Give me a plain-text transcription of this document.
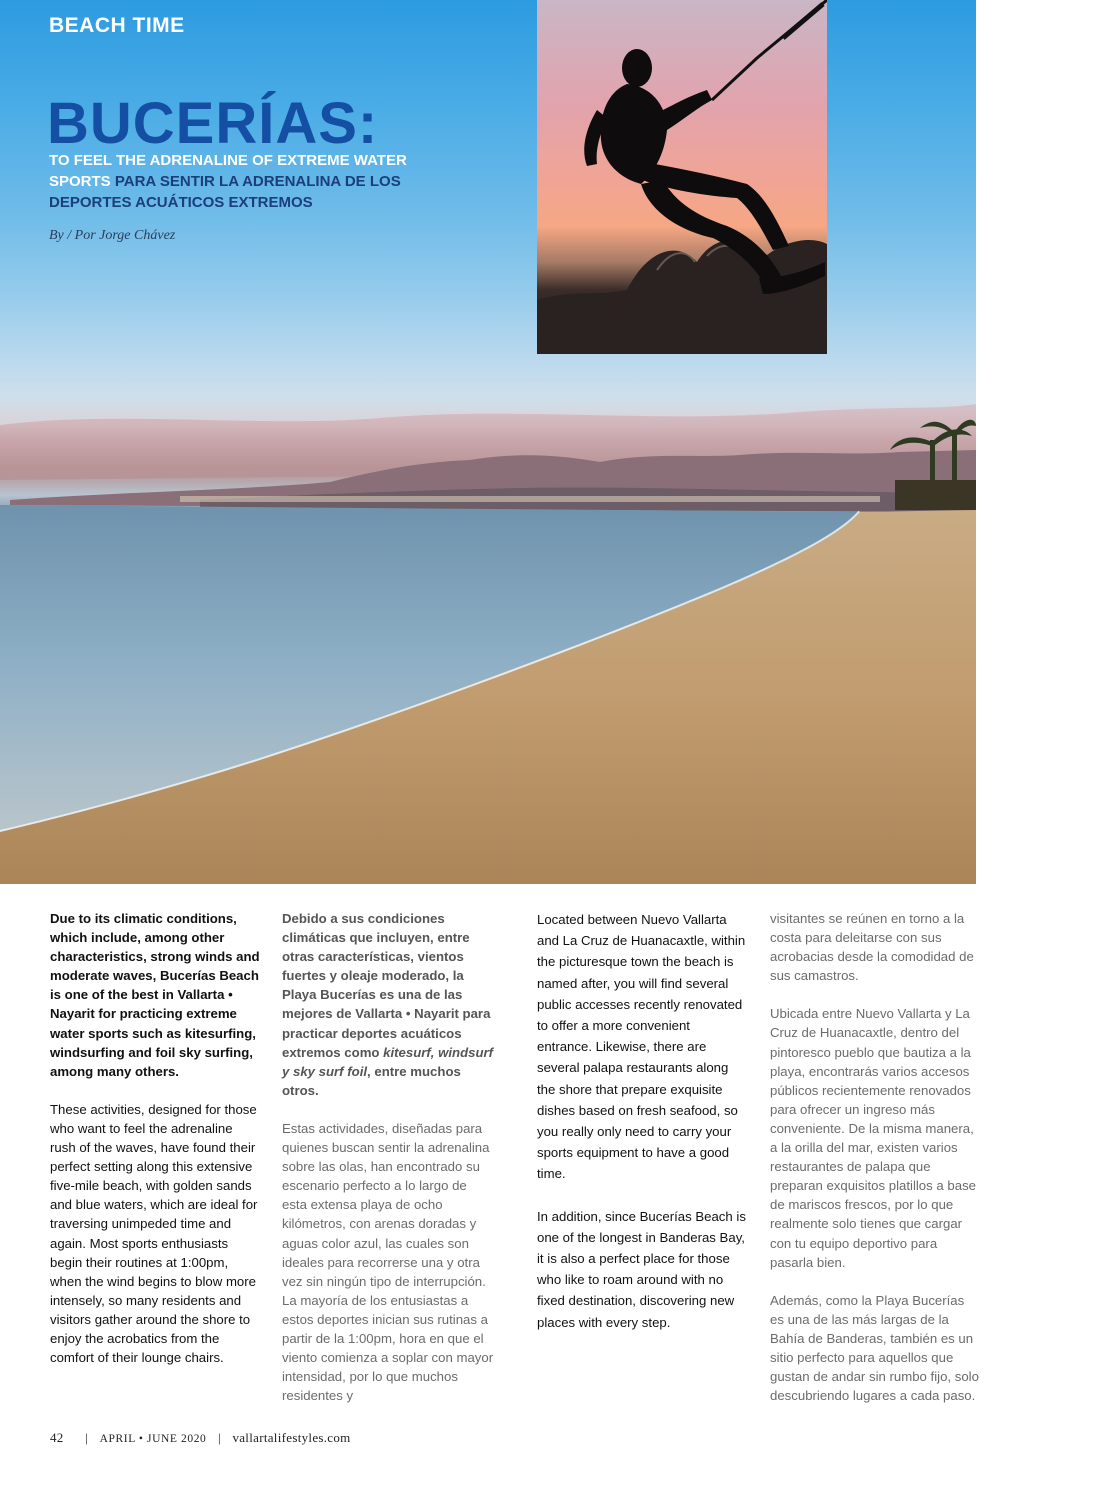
BEACH TIME
BUCERÍAS:

TO FEEL THE ADRENALINE OF EXTREME WATER SPORTS PARA SENTIR LA ADRENALINA DE LOS DEPORTES ACUÁTICOS EXTREMOS

By / Por Jorge Chávez

Due to its climatic conditions, which include, among other characteristics, strong winds and moderate waves, Bucerías Beach is one of the best in Vallarta • Nayarit for practicing extreme water sports such as kitesurfing, windsurfing and foil sky surfing, among many others.

These activities, designed for those who want to feel the adrenaline rush of the waves, have found their perfect setting along this extensive five-mile beach, with golden sands and blue waters, which are ideal for traversing unimpeded time and again. Most sports enthusiasts begin their routines at 1:00pm, when the wind begins to blow more intensely, so many residents and visitors gather around the shore to enjoy the acrobatics from the comfort of their lounge chairs.

Debido a sus condiciones climáticas que incluyen, entre otras características, vientos fuertes y oleaje moderado, la Playa Bucerías es una de las mejores de Vallarta • Nayarit para practicar deportes acuáticos extremos como kitesurf, windsurf y sky surf foil, entre muchos otros.

Estas actividades, diseñadas para quienes buscan sentir la adrenalina sobre las olas, han encontrado su escenario perfecto a lo largo de esta extensa playa de ocho kilómetros, con arenas doradas y aguas color azul, las cuales son ideales para recorrerse una y otra vez sin ningún tipo de interrupción. La mayoría de los entusiastas a estos deportes inician sus rutinas a partir de la 1:00pm, hora en que el viento comienza a soplar con mayor intensidad, por lo que muchos residentes y

Located between Nuevo Vallarta and La Cruz de Huanacaxtle, within the picturesque town the beach is named after, you will find several public accesses recently renovated to offer a more convenient entrance. Likewise, there are several palapa restaurants along the shore that prepare exquisite dishes based on fresh seafood, so you really only need to carry your sports equipment to have a good time.

In addition, since Bucerías Beach is one of the longest in Banderas Bay, it is also a perfect place for those who like to roam around with no fixed destination, discovering new places with every step.

visitantes se reúnen en torno a la costa para deleitarse con sus acrobacias desde la comodidad de sus camastros.

Ubicada entre Nuevo Vallarta y La Cruz de Huanacaxtle, dentro del pintoresco pueblo que bautiza a la playa, encontrarás varios accesos públicos recientemente renovados para ofrecer un ingreso más conveniente. De la misma manera, a la orilla del mar, existen varios restaurantes de palapa que preparan exquisitos platillos a base de mariscos frescos, por lo que realmente solo tienes que cargar con tu equipo deportivo para pasarla bien.

Además, como la Playa Bucerías es una de las más largas de la Bahía de Banderas, también es un sitio perfecto para aquellos que gustan de andar sin rumbo fijo, solo descubriendo lugares a cada paso.

42 | APRIL • JUNE 2020 | vallartalifestyles.com
